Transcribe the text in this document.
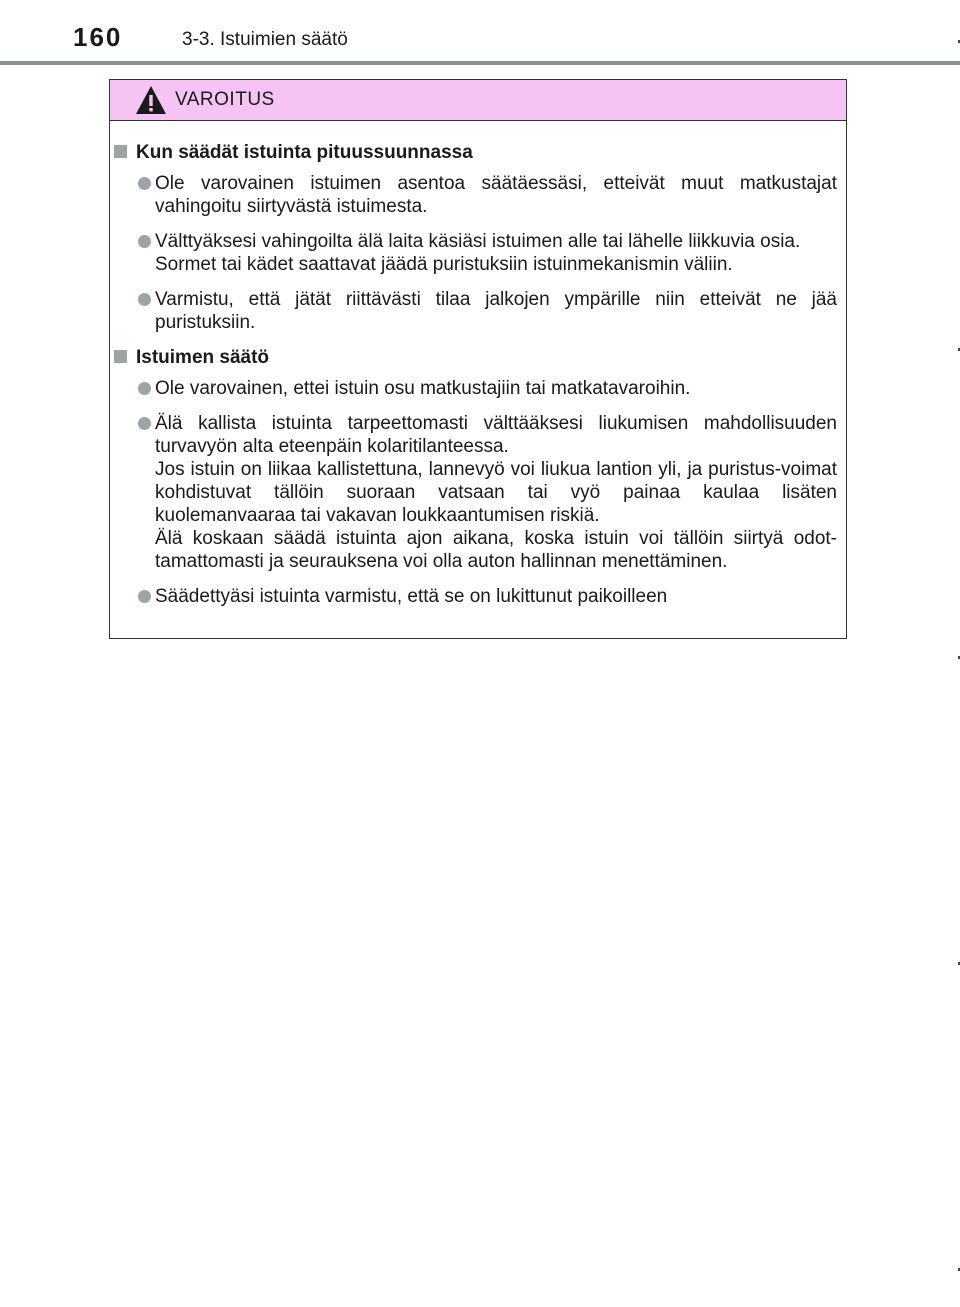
160	3-3. Istuimien säätö
VAROITUS
Kun säädät istuinta pituussuunnassa

Ole varovainen istuimen asentoa säätäessäsi, etteivät muut matkustajat vahingoitu siirtyvästä istuimesta.

Välttyäksesi vahingoilta älä laita käsiäsi istuimen alle tai lähelle liikkuvia osia.

Sormet tai kädet saattavat jäädä puristuksiin istuinmekanismin väliin.

Varmistu, että jätät riittävästi tilaa jalkojen ympärille niin etteivät ne jää puristuksiin.

Istuimen säätö

Ole varovainen, ettei istuin osu matkustajiin tai matkatavaroihin.

Älä kallista istuinta tarpeettomasti välttääksesi liukumisen mahdollisuuden turvavyön alta eteenpäin kolaritilanteessa.

Jos istuin on liikaa kallistettuna, lannevyö voi liukua lantion yli, ja puristus-voimat kohdistuvat tällöin suoraan vatsaan tai vyö painaa kaulaa lisäten kuolemanvaaraa tai vakavan loukkaantumisen riskiä.

Älä koskaan säädä istuinta ajon aikana, koska istuin voi tällöin siirtyä odot-tamattomasti ja seurauksena voi olla auton hallinnan menettäminen.

Säädettyäsi istuinta varmistu, että se on lukittunut paikoilleen
